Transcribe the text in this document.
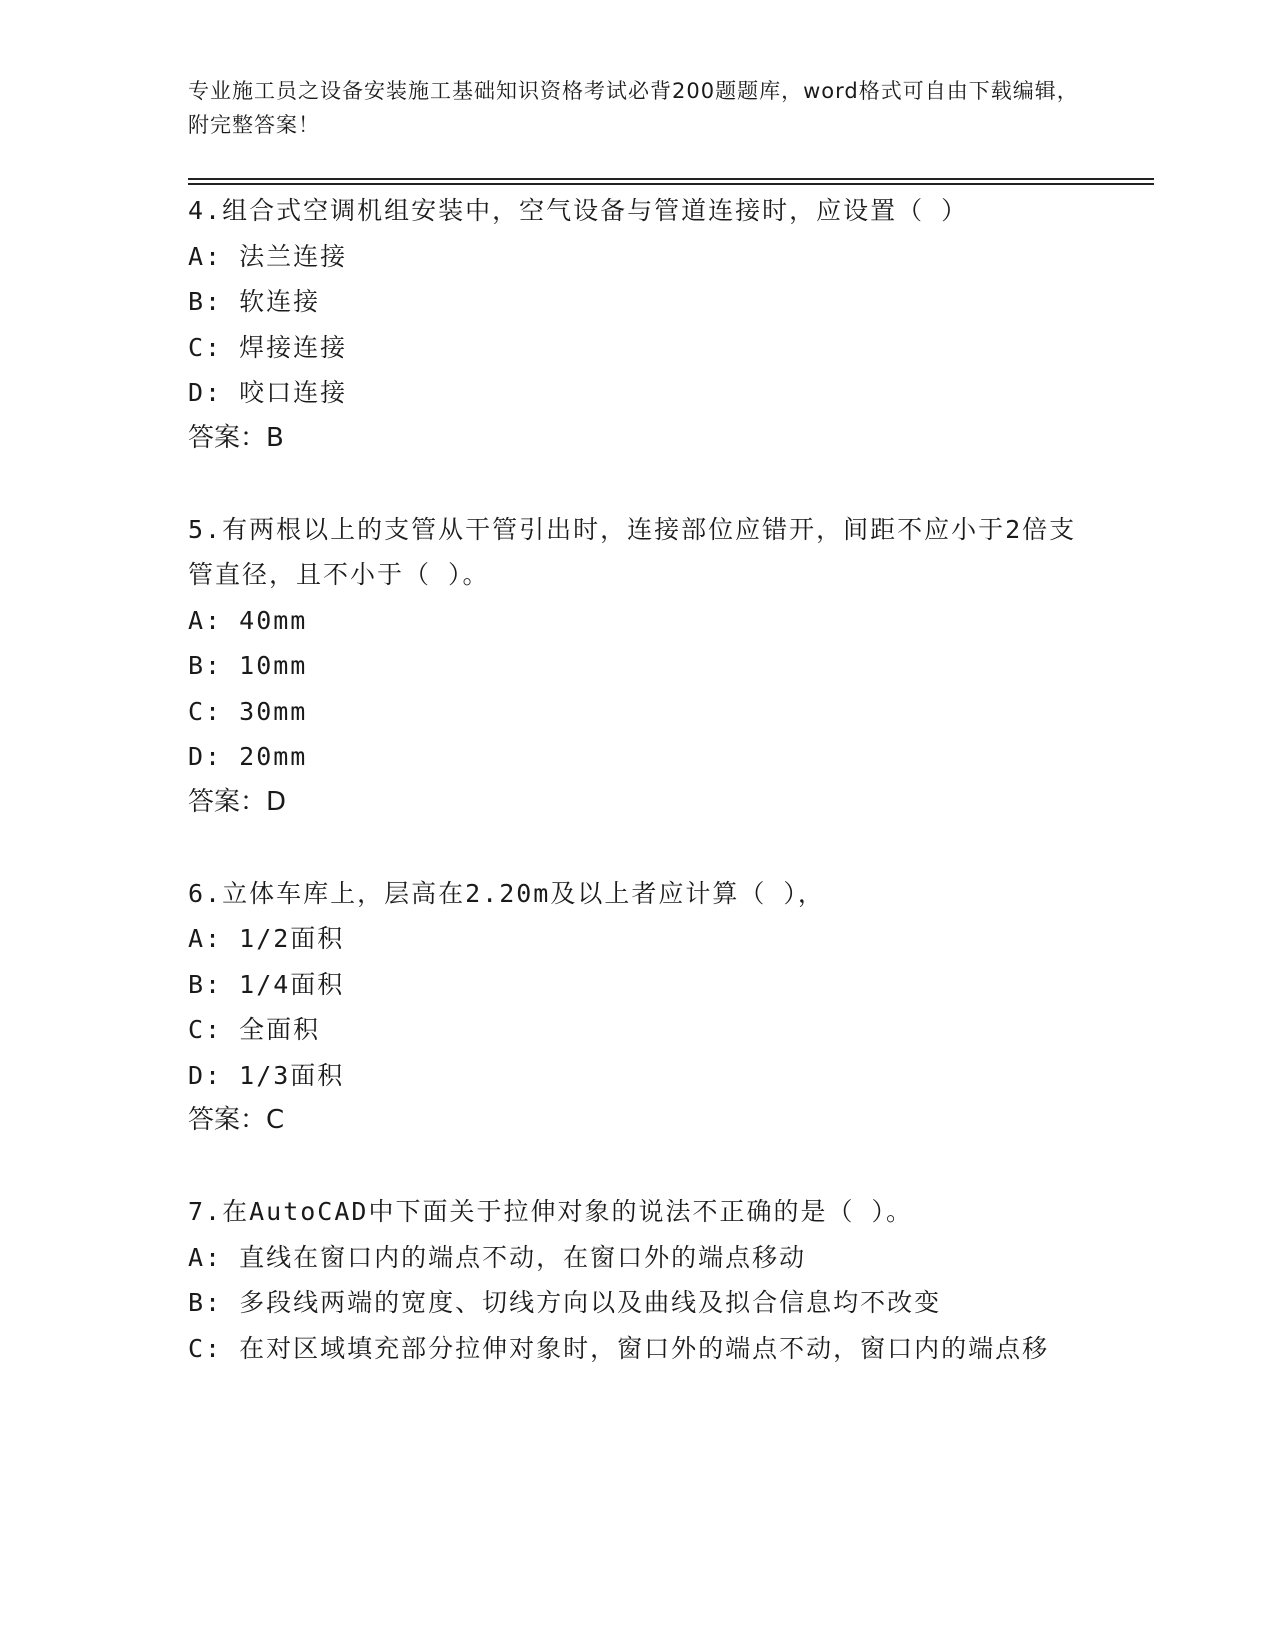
专业施工员之设备安装施工基础知识资格考试必背200题题库，word格式可自由下载编辑，附完整答案！
4.组合式空调机组安装中，空气设备与管道连接时，应设置（ ）
A: 法兰连接
B: 软连接
C: 焊接连接
D: 咬口连接
答案：B
5.有两根以上的支管从干管引出时，连接部位应错开，间距不应小于2倍支管直径，且不小于（ ）。
A: 40mm
B: 10mm
C: 30mm
D: 20mm
答案：D
6.立体车库上，层高在2.20m及以上者应计算（ ），
A: 1/2面积
B: 1/4面积
C: 全面积
D: 1/3面积
答案：C
7.在AutoCAD中下面关于拉伸对象的说法不正确的是（ ）。
A: 直线在窗口内的端点不动，在窗口外的端点移动
B: 多段线两端的宽度、切线方向以及曲线及拟合信息均不改变
C: 在对区域填充部分拉伸对象时，窗口外的端点不动，窗口内的端点移
